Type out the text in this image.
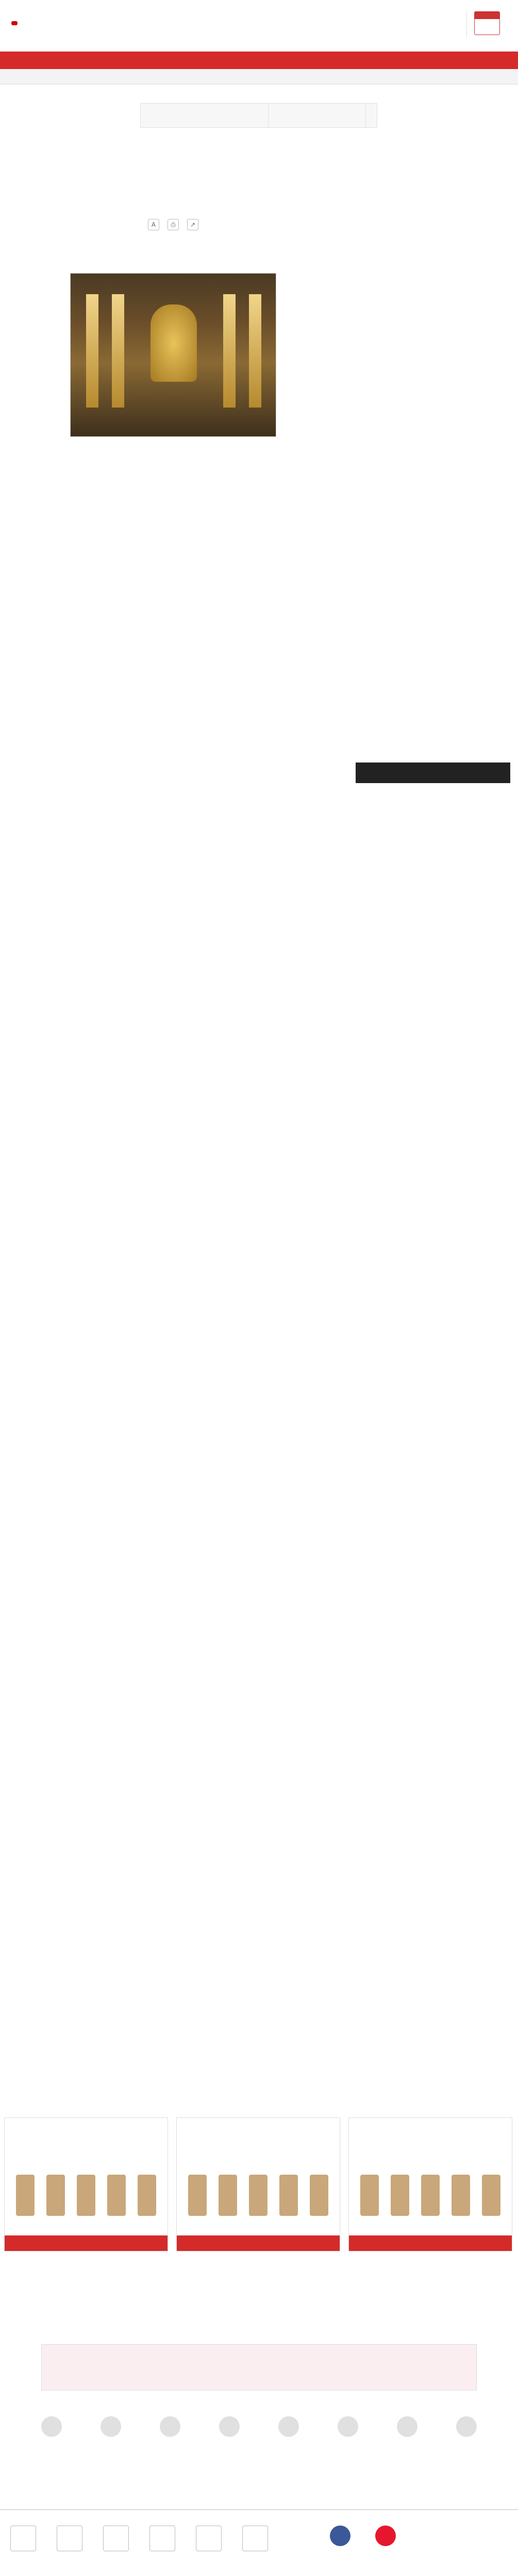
A	⎙	↗
